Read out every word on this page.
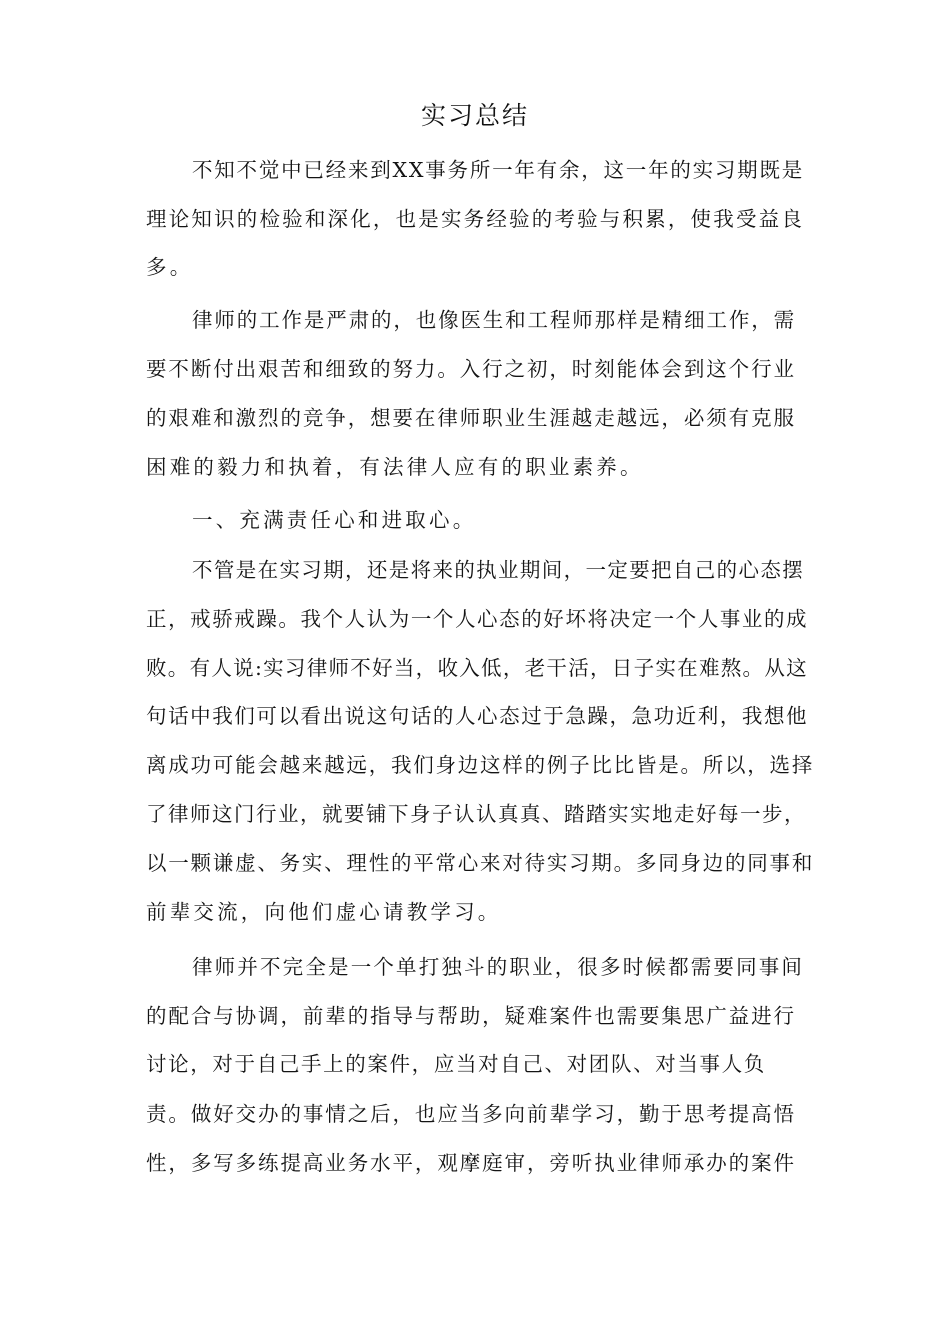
实习总结
不知不觉中已经来到XX事务所一年有余，这一年的实习期既是
理论知识的检验和深化，也是实务经验的考验与积累，使我受益良
多。
律师的工作是严肃的，也像医生和工程师那样是精细工作，需
要不断付出艰苦和细致的努力。入行之初，时刻能体会到这个行业
的艰难和激烈的竞争，想要在律师职业生涯越走越远，必须有克服
困难的毅力和执着，有法律人应有的职业素养。
一、充满责任心和进取心。
不管是在实习期，还是将来的执业期间，一定要把自己的心态摆
正，戒骄戒躁。我个人认为一个人心态的好坏将决定一个人事业的成
败。有人说:实习律师不好当，收入低，老干活，日子实在难熬。从这
句话中我们可以看出说这句话的人心态过于急躁，急功近利，我想他
离成功可能会越来越远，我们身边这样的例子比比皆是。所以，选择
了律师这门行业，就要铺下身子认认真真、踏踏实实地走好每一步，
以一颗谦虚、务实、理性的平常心来对待实习期。多同身边的同事和
前辈交流，向他们虚心请教学习。
律师并不完全是一个单打独斗的职业，很多时候都需要同事间
的配合与协调，前辈的指导与帮助，疑难案件也需要集思广益进行
讨论，对于自己手上的案件，应当对自己、对团队、对当事人负
责。做好交办的事情之后，也应当多向前辈学习，勤于思考提高悟
性，多写多练提高业务水平，观摩庭审，旁听执业律师承办的案件
